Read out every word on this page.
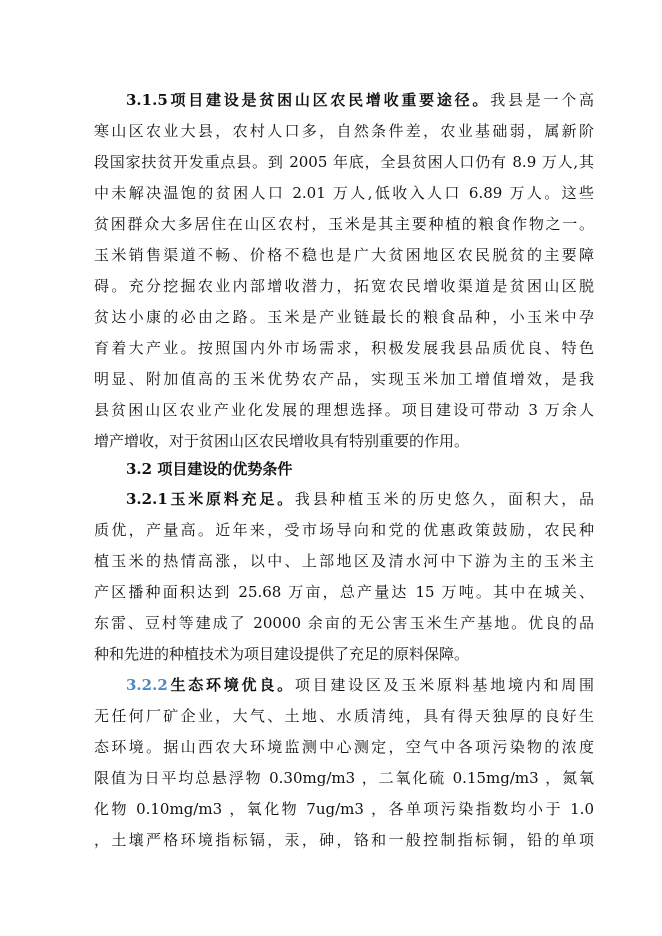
3.1.5项目建设是贫困山区农民增收重要途径。我县是一个高
寒山区农业大县，农村人口多，自然条件差，农业基础弱，属新阶
段国家扶贫开发重点县。到 2005 年底，全县贫困人口仍有 8.9 万人,其
中未解决温饱的贫困人口 2.01 万人,低收入人口 6.89 万人。这些
贫困群众大多居住在山区农村，玉米是其主要种植的粮食作物之一。
玉米销售渠道不畅、价格不稳也是广大贫困地区农民脱贫的主要障
碍。充分挖掘农业内部增收潜力，拓宽农民增收渠道是贫困山区脱
贫达小康的必由之路。玉米是产业链最长的粮食品种，小玉米中孕
育着大产业。按照国内外市场需求，积极发展我县品质优良、特色
明显、附加值高的玉米优势农产品，实现玉米加工增值增效，是我
县贫困山区农业产业化发展的理想选择。项目建设可带动 3 万余人
增产增收，对于贫困山区农民增收具有特别重要的作用。
3.2 项目建设的优势条件
3.2.1玉米原料充足。我县种植玉米的历史悠久，面积大，品
质优，产量高。近年来，受市场导向和党的优惠政策鼓励，农民种
植玉米的热情高涨，以中、上部地区及清水河中下游为主的玉米主
产区播种面积达到 25.68 万亩，总产量达 15 万吨。其中在城关、
东雷、豆村等建成了 20000 余亩的无公害玉米生产基地。优良的品
种和先进的种植技术为项目建设提供了充足的原料保障。
3.2.2生态环境优良。项目建设区及玉米原料基地境内和周围
无任何厂矿企业，大气、土地、水质清纯，具有得天独厚的良好生
态环境。据山西农大环境监测中心测定，空气中各项污染物的浓度
限值为日平均总悬浮物 0.30mg/m3 ，二氧化硫 0.15mg/m3 ，氮氧
化物 0.10mg/m3 ，氧化物 7ug/m3 ，各单项污染指数均小于 1.0
，土壤严格环境指标镉，汞，砷，铬和一般控制指标铜，铅的单项
